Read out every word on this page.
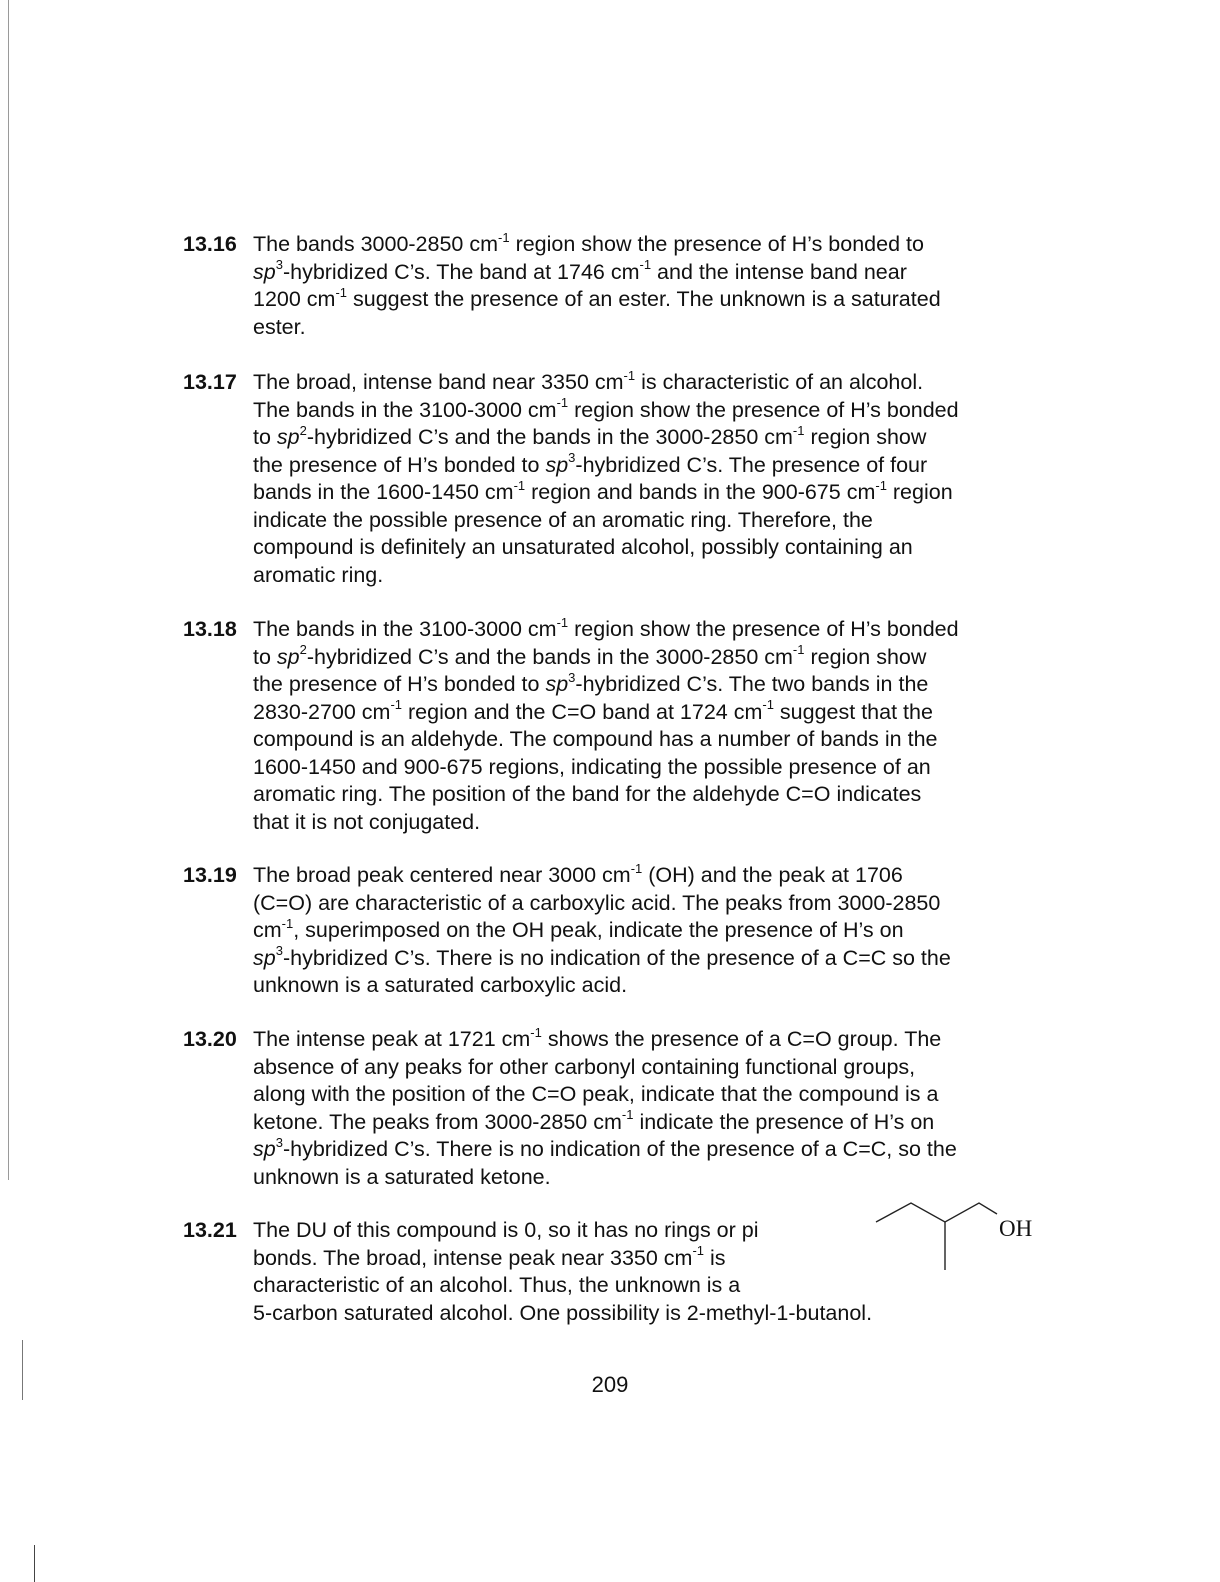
13.16 The bands 3000-2850 $cm^{-1}$ region show the presence of H’s bonded to
$sp^3$-hybridized C’s. The band at 1746 $cm^{-1}$ and the intense band near
1200 $cm^{-1}$ suggest the presence of an ester. The unknown is a saturated
ester.
13.17 The broad, intense band near 3350 $cm^{-1}$ is characteristic of an alcohol.
The bands in the 3100-3000 $cm^{-1}$ region show the presence of H’s bonded
to $sp^2$-hybridized C’s and the bands in the 3000-2850 $cm^{-1}$ region show
the presence of H’s bonded to $sp^3$-hybridized C’s. The presence of four
bands in the 1600-1450 $cm^{-1}$ region and bands in the 900-675 $cm^{-1}$ region
indicate the possible presence of an aromatic ring. Therefore, the
compound is definitely an unsaturated alcohol, possibly containing an
aromatic ring.
13.18 The bands in the 3100-3000 $cm^{-1}$ region show the presence of H’s bonded
to $sp^2$-hybridized C’s and the bands in the 3000-2850 $cm^{-1}$ region show
the presence of H’s bonded to $sp^3$-hybridized C’s. The two bands in the
2830-2700 $cm^{-1}$ region and the C=O band at 1724 $cm^{-1}$ suggest that the
compound is an aldehyde. The compound has a number of bands in the
1600-1450 and 900-675 regions, indicating the possible presence of an
aromatic ring. The position of the band for the aldehyde C=O indicates
that it is not conjugated.
13.19 The broad peak centered near 3000 $cm^{-1}$ (OH) and the peak at 1706
(C=O) are characteristic of a carboxylic acid. The peaks from 3000-2850
$cm^{-1}$, superimposed on the OH peak, indicate the presence of H’s on
$sp^3$-hybridized C’s. There is no indication of the presence of a C=C so the
unknown is a saturated carboxylic acid.
13.20 The intense peak at 1721 $cm^{-1}$ shows the presence of a C=O group. The
absence of any peaks for other carbonyl containing functional groups,
along with the position of the C=O peak, indicate that the compound is a
ketone. The peaks from 3000-2850 $cm^{-1}$ indicate the presence of H’s on
$sp^3$-hybridized C’s. There is no indication of the presence of a C=C, so the
unknown is a saturated ketone.
13.21 The DU of this compound is 0, so it has no rings or pi
bonds. The broad, intense peak near 3350 $cm^{-1}$ is
characteristic of an alcohol. Thus, the unknown is a
5-carbon saturated alcohol. One possibility is 2-methyl-1-butanol.
OH
209
